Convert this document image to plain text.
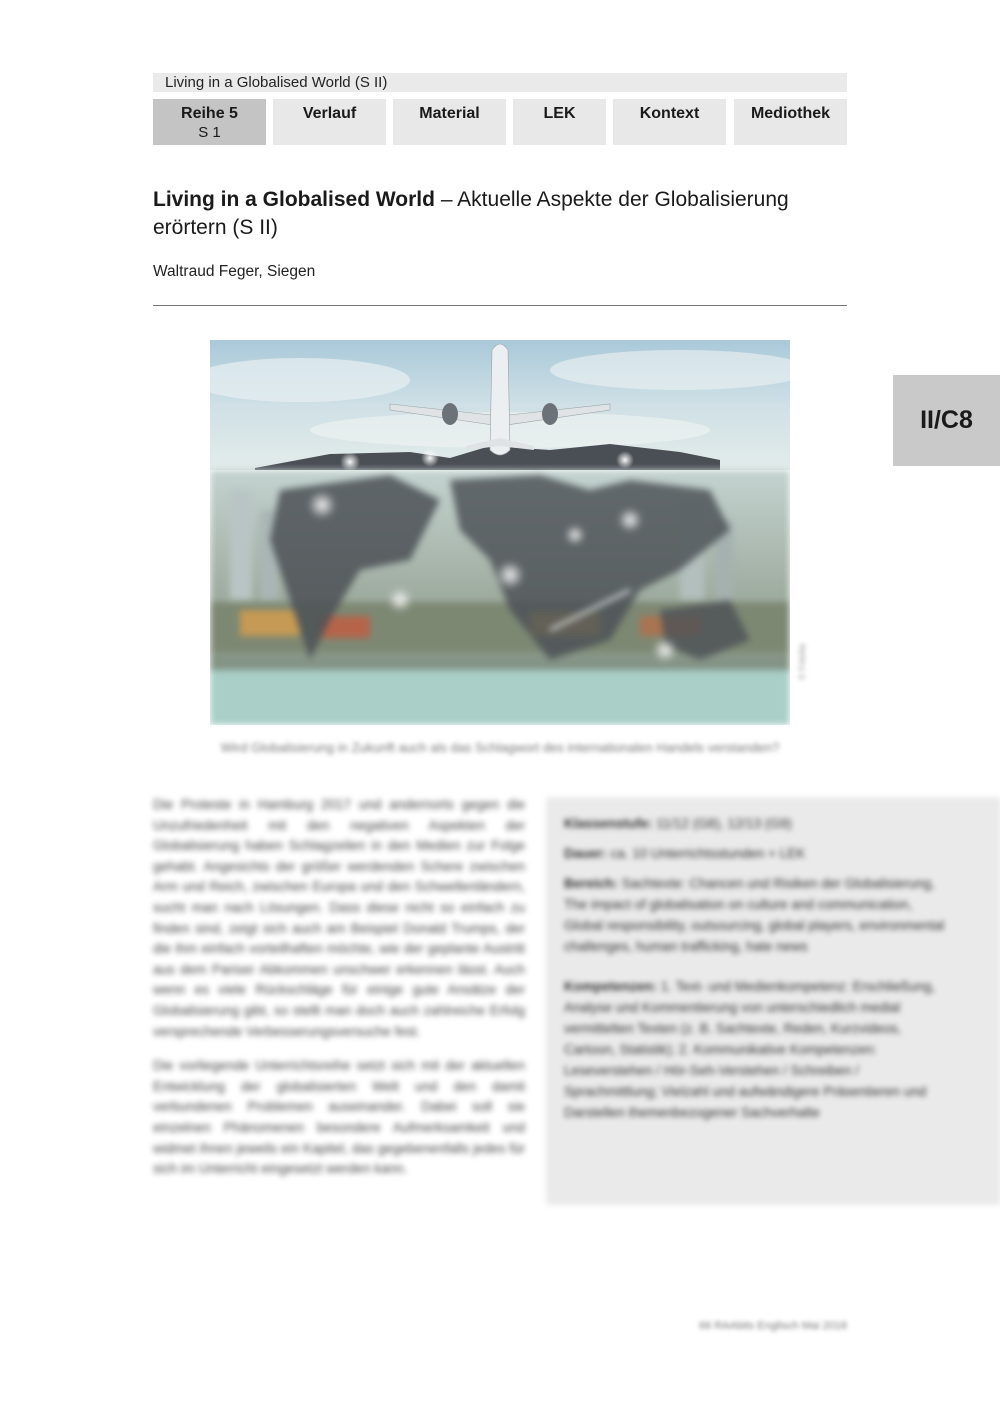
Living in a Globalised World (S II)
Reihe 5
S 1
Verlauf	Material	LEK	Kontext	Mediothek
Living in a Globalised World – Aktuelle Aspekte der Globalisierung erörtern (S II)
Waltraud Feger, Siegen
II/C8
© Fotolia
Wird Globalisierung in Zukunft auch als das Schlagwort des internationalen Handels verstanden?

Die Proteste in Hamburg 2017 und andernorts gegen die Unzufriedenheit mit den negativen Aspekten der Globalisierung haben Schlagzeilen in den Medien zur Folge gehabt. Angesichts der größer werdenden Schere zwischen Arm und Reich, zwischen Europa und den Schwellenländern, sucht man nach Lösungen. Dass diese nicht so einfach zu finden sind, zeigt sich auch am Beispiel Donald Trumps, der die ihm einfach vorteilhaften möchte, wie der geplante Austritt aus dem Pariser Abkommen unschwer erkennen lässt. Auch wenn es viele Rückschläge für einige gute Ansätze der Globalisierung gibt, so stellt man doch auch zahlreiche Erfolg versprechende Verbesserungsversuche fest.

Die vorliegende Unterrichtsreihe setzt sich mit der aktuellen Entwicklung der globalisierten Welt und den damit verbundenen Problemen auseinander. Dabei soll sie einzelnen Phänomenen besondere Aufmerksamkeit und widmet ihnen jeweils ein Kapitel, das gegebenenfalls jedes für sich im Unterricht eingesetzt werden kann.

Klassenstufe: 11/12 (G8), 12/13 (G9)

Dauer: ca. 10 Unterrichtsstunden + LEK

Bereich: Sachtexte: Chancen und Risiken der Globalisierung, The impact of globalisation on culture and communication, Global responsibility, outsourcing, global players, environmental challenges, human trafficking, hate news

Kompetenzen: 1. Text- und Medienkompetenz: Erschließung, Analyse und Kommentierung von unterschiedlich medial vermittelten Texten (z. B. Sachtexte, Reden, Kurzvideos, Cartoon, Statistik); 2. Kommunikative Kompetenzen: Leseverstehen / Hör-Seh-Verstehen / Schreiben / Sprachmittlung; Vielzahl und aufwändigere Präsentieren und Darstellen themenbezogener Sachverhalte

66 RAAbits Englisch Mai 2018
